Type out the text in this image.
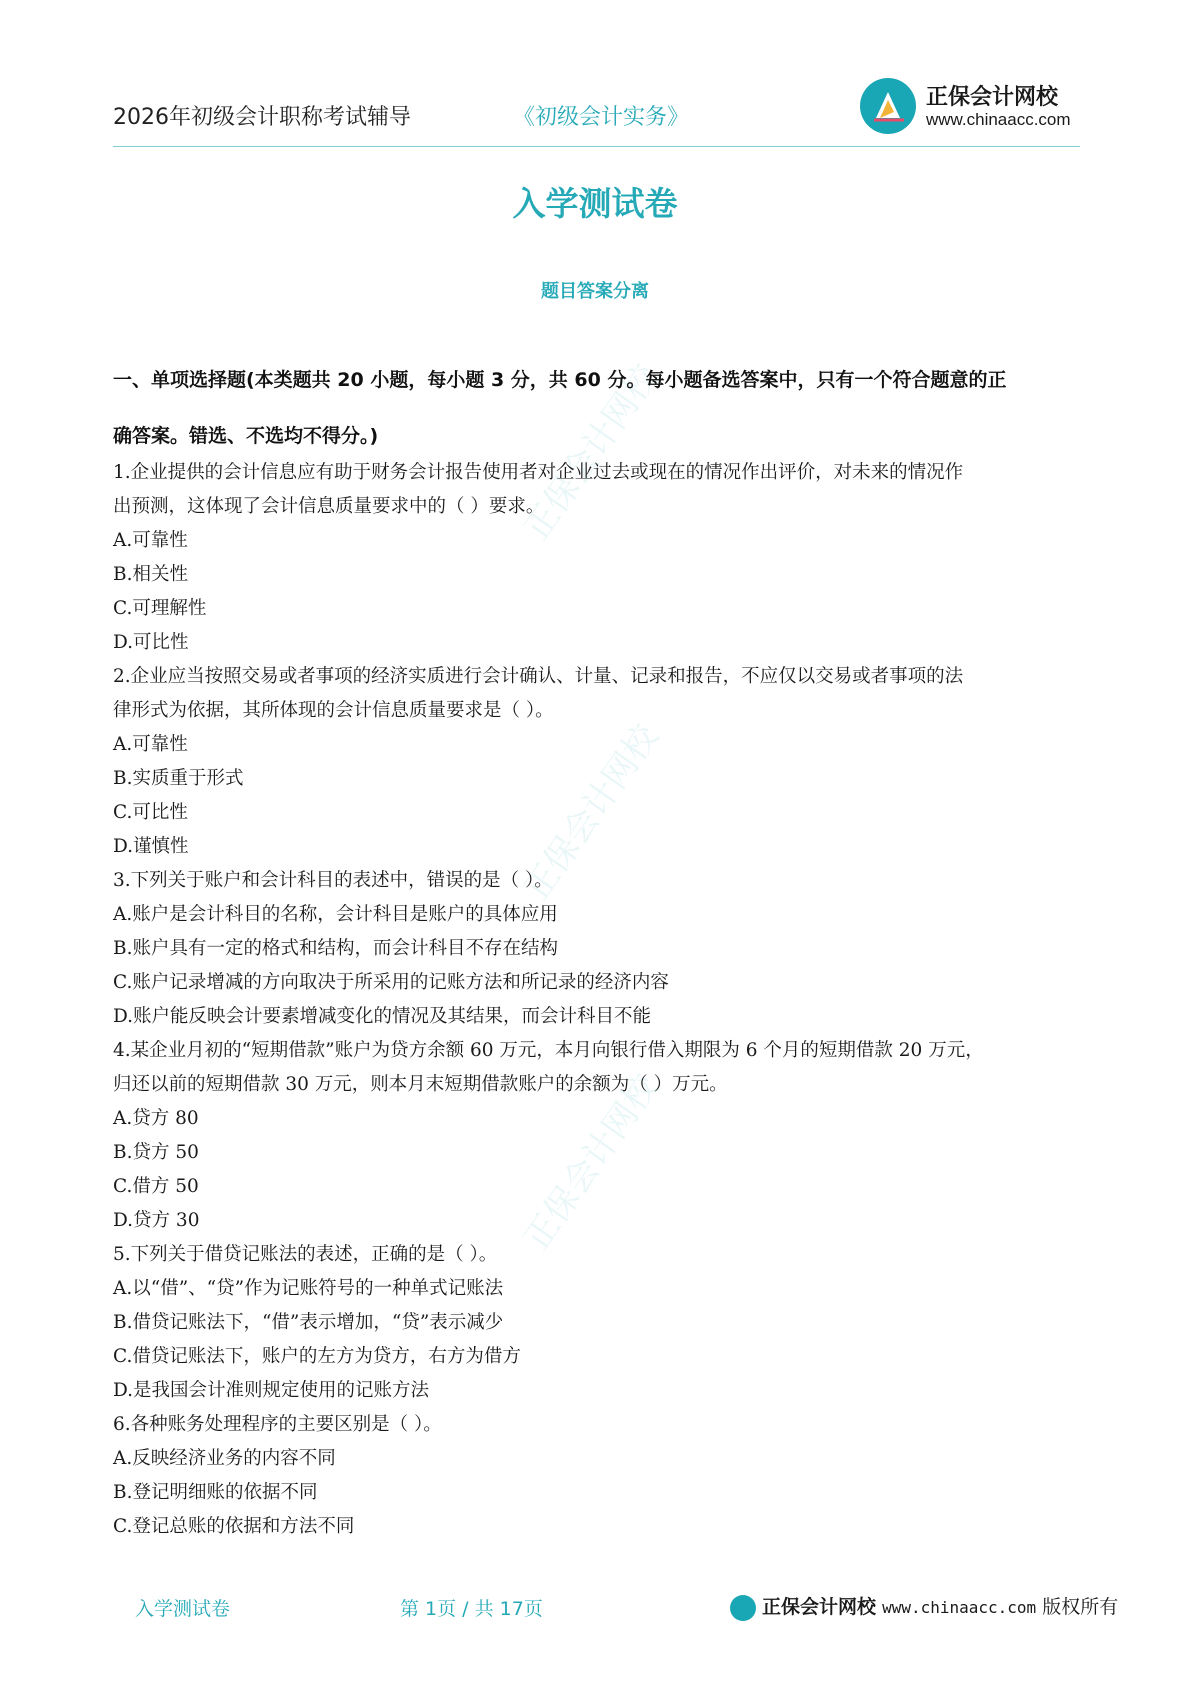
正保会计网校
正保会计网校
正保会计网校
2026年初级会计职称考试辅导	《初级会计实务》
正保会计网校
www.chinaacc.com
入学测试卷
题目答案分离
一、单项选择题(本类题共 20 小题，每小题 3 分，共 60 分。每小题备选答案中，只有一个符合题意的正
确答案。错选、不选均不得分。)

1.企业提供的会计信息应有助于财务会计报告使用者对企业过去或现在的情况作出评价，对未来的情况作

出预测，这体现了会计信息质量要求中的（ ）要求。

A.可靠性

B.相关性

C.可理解性

D.可比性

2.企业应当按照交易或者事项的经济实质进行会计确认、计量、记录和报告，不应仅以交易或者事项的法

律形式为依据，其所体现的会计信息质量要求是（ ）。

A.可靠性

B.实质重于形式

C.可比性

D.谨慎性

3.下列关于账户和会计科目的表述中，错误的是（ ）。

A.账户是会计科目的名称，会计科目是账户的具体应用

B.账户具有一定的格式和结构，而会计科目不存在结构

C.账户记录增减的方向取决于所采用的记账方法和所记录的经济内容

D.账户能反映会计要素增减变化的情况及其结果，而会计科目不能

4.某企业月初的“短期借款”账户为贷方余额 60 万元，本月向银行借入期限为 6 个月的短期借款 20 万元，

归还以前的短期借款 30 万元，则本月末短期借款账户的余额为（ ）万元。

A.贷方 80

B.贷方 50

C.借方 50

D.贷方 30

5.下列关于借贷记账法的表述，正确的是（ ）。

A.以“借”、“贷”作为记账符号的一种单式记账法

B.借贷记账法下，“借”表示增加，“贷”表示减少

C.借贷记账法下，账户的左方为贷方，右方为借方

D.是我国会计准则规定使用的记账方法

6.各种账务处理程序的主要区别是（ ）。

A.反映经济业务的内容不同

B.登记明细账的依据不同

C.登记总账的依据和方法不同

入学测试卷	第 1页 / 共 17页	正保会计网校 www.chinaacc.com 版权所有
